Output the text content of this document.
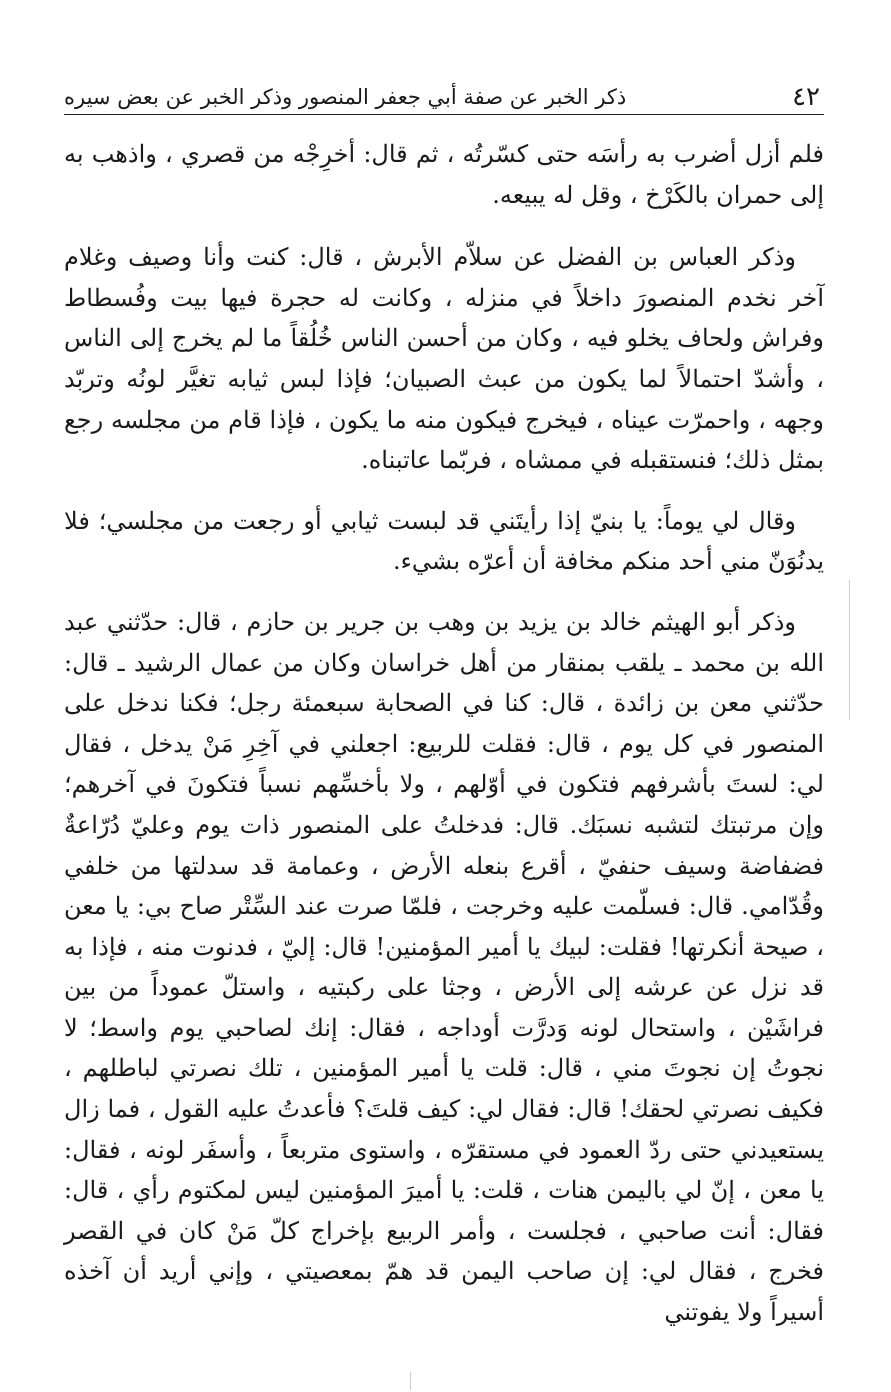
٤٢
ذكر الخبر عن صفة أبي جعفر المنصور وذكر الخبر عن بعض سيره

فلم أزل أضرب به رأسَه حتى كسّرتُه ، ثم قال: أخرِجْه من قصري ، واذهب به إلى حمران بالكَرْخ ، وقل له يبيعه.

وذكر العباس بن الفضل عن سلاّم الأبرش ، قال: كنت وأنا وصيف وغلام آخر نخدم المنصورَ داخلاً في منزله ، وكانت له حجرة فيها بيت وفُسطاط وفراش ولحاف يخلو فيه ، وكان من أحسن الناس خُلُقاً ما لم يخرج إلى الناس ، وأشدّ احتمالاً لما يكون من عبث الصبيان؛ فإذا لبس ثيابه تغيَّر لونُه وتربّد وجهه ، واحمرّت عيناه ، فيخرج فيكون منه ما يكون ، فإذا قام من مجلسه رجع بمثل ذلك؛ فنستقبله في ممشاه ، فربّما عاتبناه.

وقال لي يوماً: يا بنيّ إذا رأيتَني قد لبست ثيابي أو رجعت من مجلسي؛ فلا يدنُوَنّ مني أحد منكم مخافة أن أعرّه بشيء.

وذكر أبو الهيثم خالد بن يزيد بن وهب بن جرير بن حازم ، قال: حدّثني عبد الله بن محمد ـ يلقب بمنقار من أهل خراسان وكان من عمال الرشيد ـ قال: حدّثني معن بن زائدة ، قال: كنا في الصحابة سبعمئة رجل؛ فكنا ندخل على المنصور في كل يوم ، قال: فقلت للربيع: اجعلني في آخِرِ مَنْ يدخل ، فقال لي: لستَ بأشرفهم فتكون في أوّلهم ، ولا بأخسِّهم نسباً فتكونَ في آخرهم؛ وإن مرتبتك لتشبه نسبَك. قال: فدخلتُ على المنصور ذات يوم وعليّ دُرّاعةٌ فضفاضة وسيف حنفيّ ، أقرع بنعله الأرض ، وعمامة قد سدلتها من خلفي وقُدّامي. قال: فسلّمت عليه وخرجت ، فلمّا صرت عند السِّتْر صاح بي: يا معن ، صيحة أنكرتها! فقلت: لبيك يا أمير المؤمنين! قال: إليّ ، فدنوت منه ، فإذا به قد نزل عن عرشه إلى الأرض ، وجثا على ركبتيه ، واستلّ عموداً من بين فراشَيْن ، واستحال لونه وَدرَّت أوداجه ، فقال: إنك لصاحبي يوم واسط؛ لا نجوتُ إن نجوتَ مني ، قال: قلت يا أمير المؤمنين ، تلك نصرتي لباطلهم ، فكيف نصرتي لحقك! قال: فقال لي: كيف قلتَ؟ فأعدتُ عليه القول ، فما زال يستعيدني حتى ردّ العمود في مستقرّه ، واستوى متربعاً ، وأسفَر لونه ، فقال: يا معن ، إنّ لي باليمن هنات ، قلت: يا أميرَ المؤمنين ليس لمكتوم رأي ، قال: فقال: أنت صاحبي ، فجلست ، وأمر الربيع بإخراج كلّ مَنْ كان في القصر فخرج ، فقال لي: إن صاحب اليمن قد همّ بمعصيتي ، وإني أريد أن آخذه أسيراً ولا يفوتني
